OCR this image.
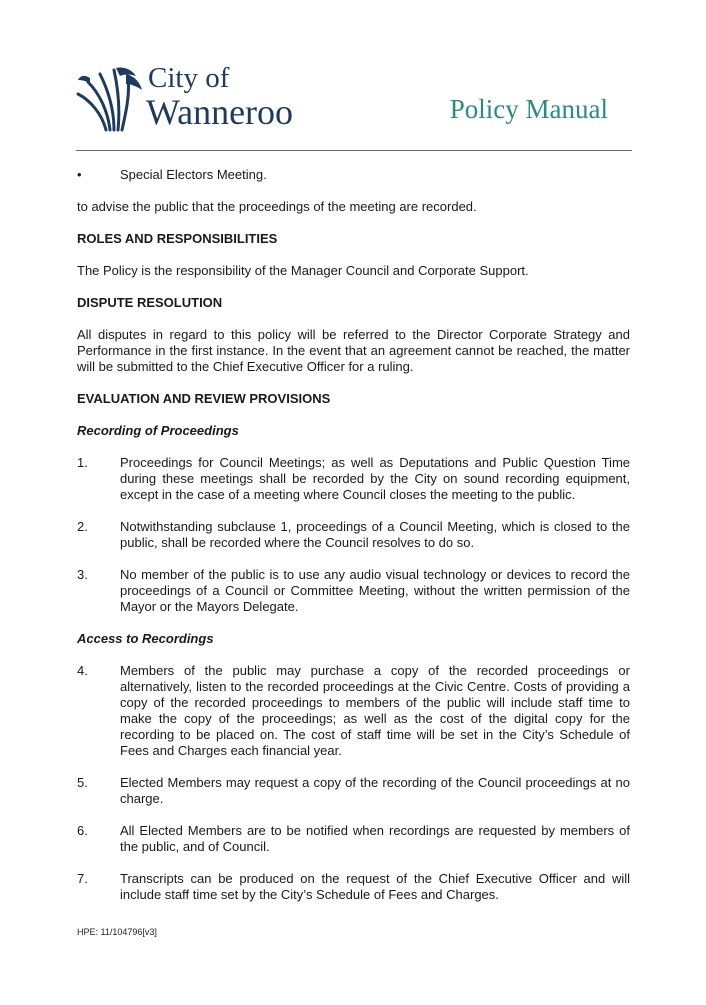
City of
Wanneroo	Policy Manual
•	Special Electors Meeting.

to advise the public that the proceedings of the meeting are recorded.

ROLES AND RESPONSIBILITIES

The Policy is the responsibility of the Manager Council and Corporate Support.

DISPUTE RESOLUTION

All disputes in regard to this policy will be referred to the Director Corporate Strategy and Performance in the first instance. In the event that an agreement cannot be reached, the matter will be submitted to the Chief Executive Officer for a ruling.

EVALUATION AND REVIEW PROVISIONS
Recording of Proceedings
1.	Proceedings for Council Meetings; as well as Deputations and Public Question Time during these meetings shall be recorded by the City on sound recording equipment, except in the case of a meeting where Council closes the meeting to the public.
2.	Notwithstanding subclause 1, proceedings of a Council Meeting, which is closed to the public, shall be recorded where the Council resolves to do so.
3.	No member of the public is to use any audio visual technology or devices to record the proceedings of a Council or Committee Meeting, without the written permission of the Mayor or the Mayors Delegate.
Access to Recordings
4.	Members of the public may purchase a copy of the recorded proceedings or alternatively, listen to the recorded proceedings at the Civic Centre. Costs of providing a copy of the recorded proceedings to members of the public will include staff time to make the copy of the proceedings; as well as the cost of the digital copy for the recording to be placed on. The cost of staff time will be set in the City’s Schedule of Fees and Charges each financial year.
5.	Elected Members may request a copy of the recording of the Council proceedings at no charge.
6.	All Elected Members are to be notified when recordings are requested by members of the public, and of Council.
7.	Transcripts can be produced on the request of the Chief Executive Officer and will include staff time set by the City’s Schedule of Fees and Charges.
HPE: 11/104796[v3]
